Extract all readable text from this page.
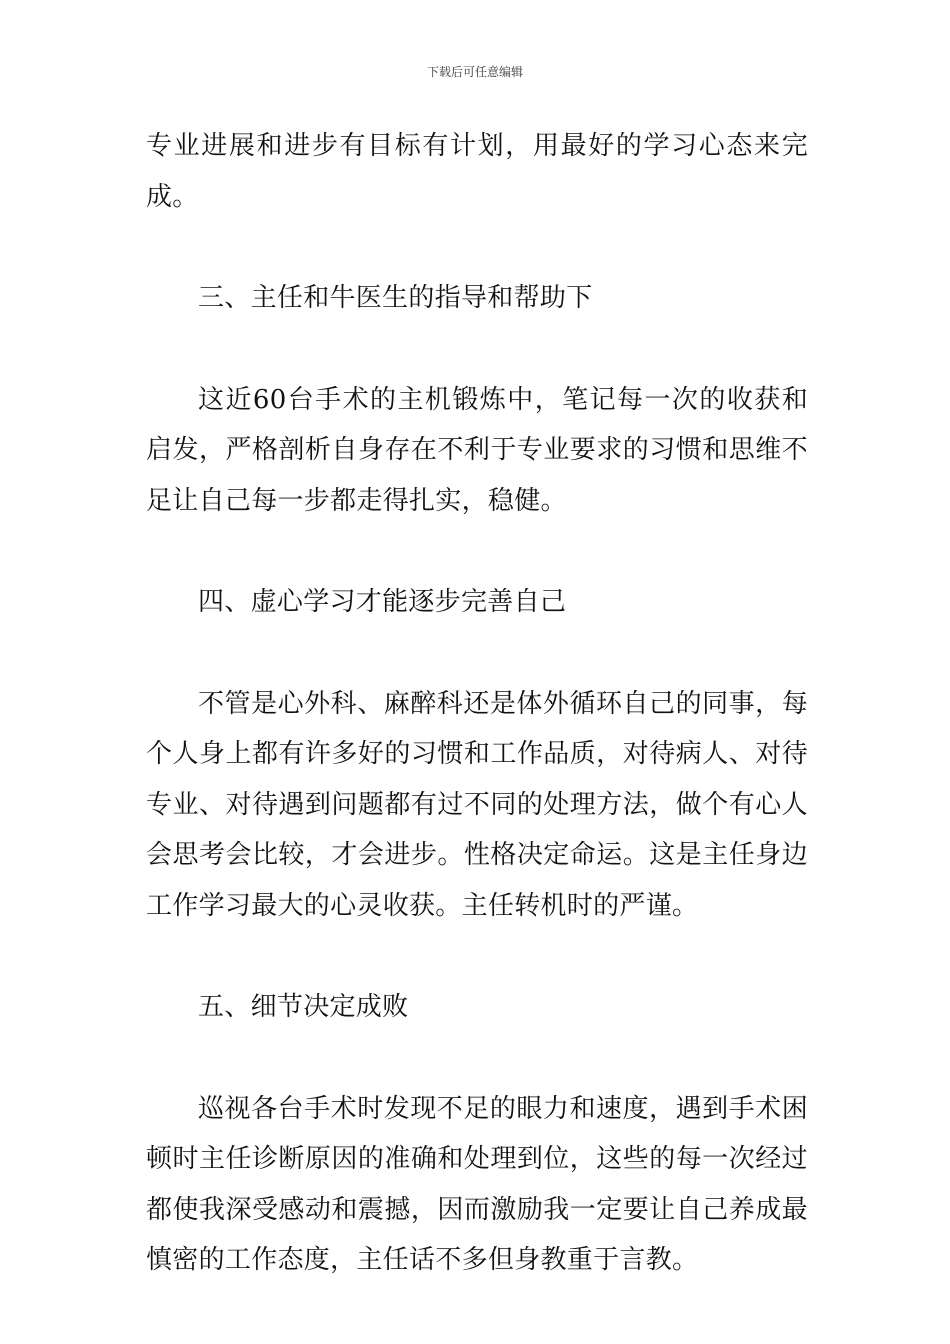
下载后可任意编辑

专业进展和进步有目标有计划，用最好的学习心态来完成。

三、主任和牛医生的指导和帮助下

这近60台手术的主机锻炼中，笔记每一次的收获和启发，严格剖析自身存在不利于专业要求的习惯和思维不足让自己每一步都走得扎实，稳健。

四、虚心学习才能逐步完善自己

不管是心外科、麻醉科还是体外循环自己的同事，每个人身上都有许多好的习惯和工作品质，对待病人、对待专业、对待遇到问题都有过不同的处理方法，做个有心人会思考会比较，才会进步。性格决定命运。这是主任身边工作学习最大的心灵收获。主任转机时的严谨。

五、细节决定成败

巡视各台手术时发现不足的眼力和速度，遇到手术困顿时主任诊断原因的准确和处理到位，这些的每一次经过都使我深受感动和震撼，因而激励我一定要让自己养成最慎密的工作态度，主任话不多但身教重于言教。
